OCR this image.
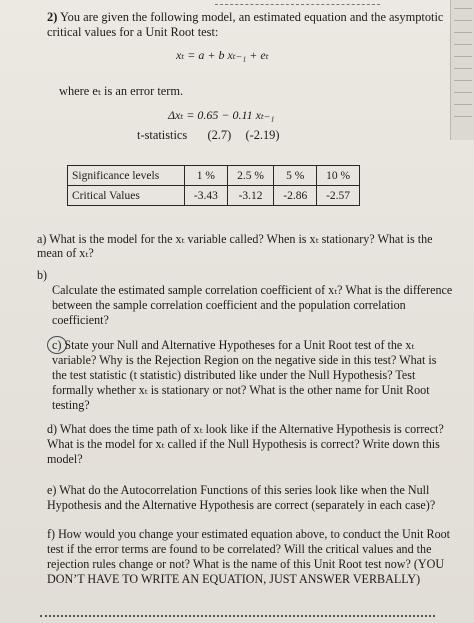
2) You are given the following model, an estimated equation and the asymptotic
critical values for a Unit Root test:
xₜ = a + b xₜ₋₁ + eₜ
where eₜ is an error term.
Δxₜ = 0.65 − 0.11 xₜ₋₁
t-statistics (2.7) (-2.19)
Significance levels	1 %	2.5 %	5 %	10 %
Critical Values	-3.43	-3.12	-2.86	-2.57
a) What is the model for the xₜ variable called? When is xₜ stationary? What is the
mean of xₜ?
b)
Calculate the estimated sample correlation coefficient of xₜ? What is the difference
between the sample correlation coefficient and the population correlation
coefficient?
c) State your Null and Alternative Hypotheses for a Unit Root test of the xₜ
variable? Why is the Rejection Region on the negative side in this test? What is
the test statistic (t statistic) distributed like under the Null Hypothesis? Test
formally whether xₜ is stationary or not? What is the other name for Unit Root
testing?
d) What does the time path of xₜ look like if the Alternative Hypothesis is correct?
What is the model for xₜ called if the Null Hypothesis is correct? Write down this
model?
e) What do the Autocorrelation Functions of this series look like when the Null
Hypothesis and the Alternative Hypothesis are correct (separately in each case)?
f) How would you change your estimated equation above, to conduct the Unit Root
test if the error terms are found to be correlated? Will the critical values and the
rejection rules change or not? What is the name of this Unit Root test now? (YOU
DON’T HAVE TO WRITE AN EQUATION, JUST ANSWER VERBALLY)
